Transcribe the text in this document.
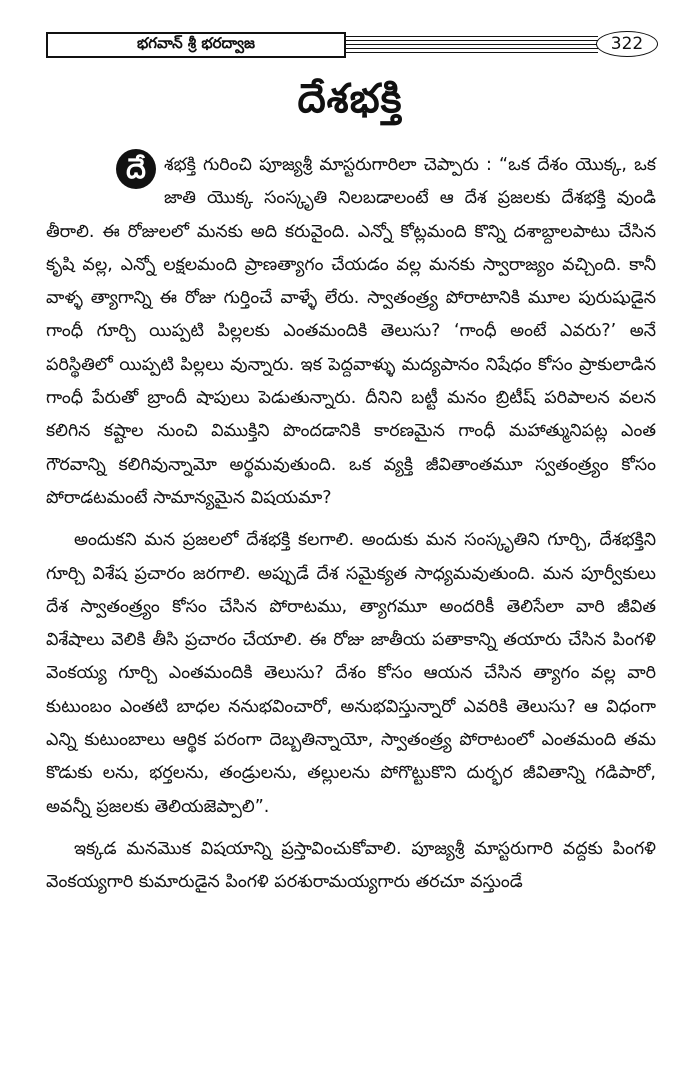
భగవాన్ శ్రీ భరద్వాజ	322
దేశభక్తి

దే	శభక్తి గురించి పూజ్యశ్రీ మాస్టరుగారిలా చెప్పారు : “ఒక దేశం యొక్క, ఒక జాతి యొక్క సంస్కృతి నిలబడాలంటే ఆ దేశ ప్రజలకు దేశభక్తి వుండి తీరాలి. ఈ రోజులలో మనకు అది కరువైంది. ఎన్నో కోట్లమంది కొన్ని దశాబ్దాలపాటు చేసిన కృషి వల్ల, ఎన్నో లక్షలమంది ప్రాణత్యాగం చేయడం వల్ల మనకు స్వారాజ్యం వచ్చింది. కానీ వాళ్ళ త్యాగాన్ని ఈ రోజు గుర్తించే వాళ్ళే లేరు. స్వాతంత్ర్య పోరాటానికి మూల పురుషుడైన గాంధీ గూర్చి యిప్పటి పిల్లలకు ఎంతమందికి తెలుసు? ‘గాంధీ అంటే ఎవరు?’ అనే పరిస్థితిలో యిప్పటి పిల్లలు వున్నారు. ఇక పెద్దవాళ్ళు మద్యపానం నిషేధం కోసం ప్రాకులాడిన గాంధీ పేరుతో బ్రాందీ షాపులు పెడుతున్నారు. దీనిని బట్టీ మనం బ్రిటీష్ పరిపాలన వలన కలిగిన కష్టాల నుంచి విముక్తిని పొందడానికి కారణమైన గాంధీ మహాత్మునిపట్ల ఎంత గౌరవాన్ని కలిగివున్నామో అర్థమవుతుంది. ఒక వ్యక్తి జీవితాంతమూ స్వతంత్ర్యం కోసం పోరాడటమంటే సామాన్యమైన విషయమా?

అందుకని మన ప్రజలలో దేశభక్తి కలగాలి. అందుకు మన సంస్కృతిని గూర్చి, దేశభక్తిని గూర్చి విశేష ప్రచారం జరగాలి. అప్పుడే దేశ సమైక్యత సాధ్యమవుతుంది. మన పూర్వీకులు దేశ స్వాతంత్ర్యం కోసం చేసిన పోరాటము, త్యాగమూ అందరికీ తెలిసేలా వారి జీవిత విశేషాలు వెలికి తీసి ప్రచారం చేయాలి. ఈ రోజు జాతీయ పతాకాన్ని తయారు చేసిన పింగళి వెంకయ్య గూర్చి ఎంతమందికి తెలుసు? దేశం కోసం ఆయన చేసిన త్యాగం వల్ల వారి కుటుంబం ఎంతటి బాధల ననుభవించారో, అనుభవిస్తున్నారో ఎవరికి తెలుసు? ఆ విధంగా ఎన్ని కుటుంబాలు ఆర్థిక పరంగా దెబ్బతిన్నాయో, స్వాతంత్ర్య పోరాటంలో ఎంతమంది తమ కొడుకు లను, భర్తలను, తండ్రులను, తల్లులను పోగొట్టుకొని దుర్భర జీవితాన్ని గడిపారో, అవన్నీ ప్రజలకు తెలియజెప్పాలి”.

ఇక్కడ మనమొక విషయాన్ని ప్రస్తావించుకోవాలి. పూజ్యశ్రీ మాస్టరుగారి వద్దకు పింగళి వెంకయ్యగారి కుమారుడైన పింగళి పరశురామయ్యగారు తరచూ వస్తుండే
